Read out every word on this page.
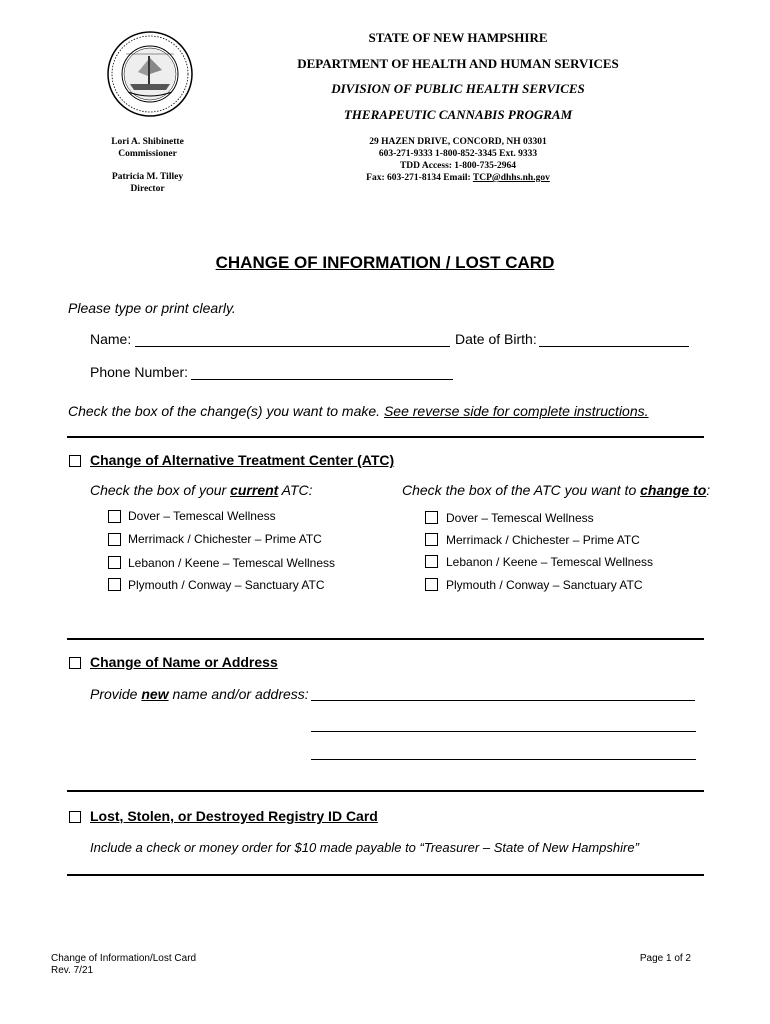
STATE OF NEW HAMPSHIRE
DEPARTMENT OF HEALTH AND HUMAN SERVICES
DIVISION OF PUBLIC HEALTH SERVICES
THERAPEUTIC CANNABIS PROGRAM
29 HAZEN DRIVE, CONCORD, NH 03301
603-271-9333 1-800-852-3345 Ext. 9333
TDD Access: 1-800-735-2964
Fax: 603-271-8134 Email: TCP@dhhs.nh.gov
Lori A. Shibinette
Commissioner
Patricia M. Tilley
Director
CHANGE OF INFORMATION / LOST CARD
Please type or print clearly.
Name:	Date of Birth:
Phone Number:
Check the box of the change(s) you want to make. See reverse side for complete instructions.
Change of Alternative Treatment Center (ATC)
Check the box of your current ATC:	Check the box of the ATC you want to change to:
Dover – Temescal Wellness
Merrimack / Chichester – Prime ATC
Lebanon / Keene – Temescal Wellness
Plymouth / Conway – Sanctuary ATC
Dover – Temescal Wellness
Merrimack / Chichester – Prime ATC
Lebanon / Keene – Temescal Wellness
Plymouth / Conway – Sanctuary ATC
Change of Name or Address
Provide new name and/or address:
Lost, Stolen, or Destroyed Registry ID Card
Include a check or money order for $10 made payable to “Treasurer – State of New Hampshire”
Change of Information/Lost Card
Rev. 7/21
Page 1 of 2
